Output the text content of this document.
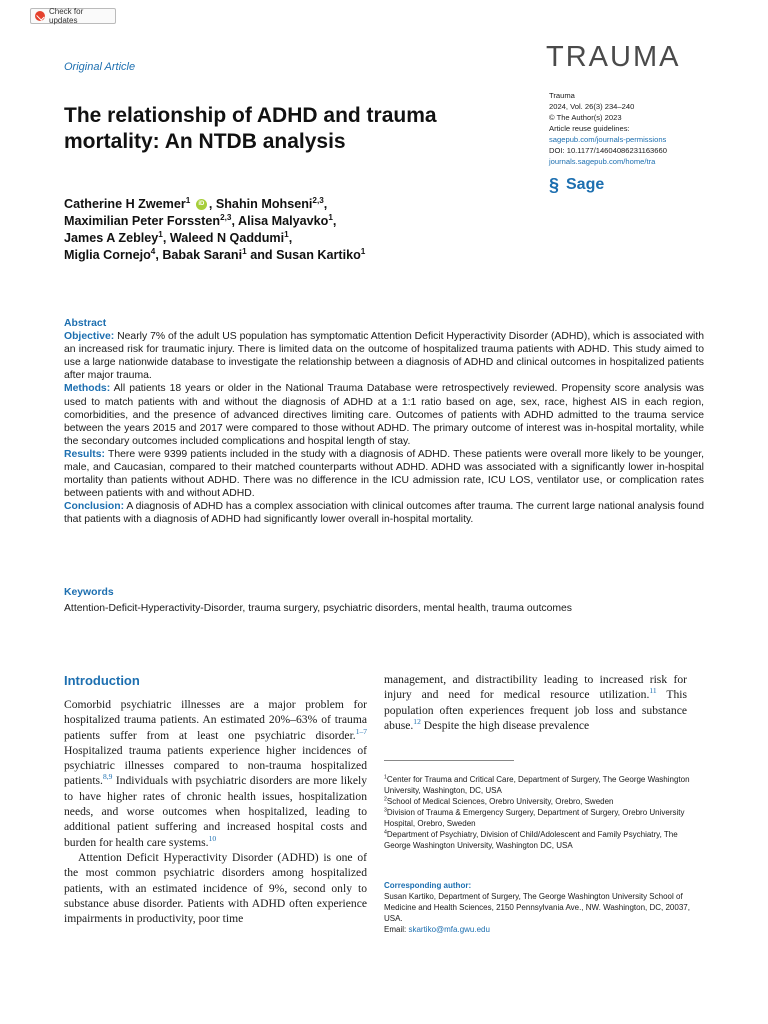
Check for updates
Original Article	TRAUMA
Trauma
2024, Vol. 26(3) 234–240
© The Author(s) 2023
Article reuse guidelines:
sagepub.com/journals-permissions
DOI: 10.1177/14604086231163660
journals.sagepub.com/home/tra
§ Sage
The relationship of ADHD and trauma mortality: An NTDB analysis
Catherine H Zwemer$^1$ iD , Shahin Mohseni$^{2,3}$,
Maximilian Peter Forssten$^{2,3}$, Alisa Malyavko$^1$,
James A Zebley$^1$, Waleed N Qaddumi$^1$,
Miglia Cornejo$^4$, Babak Sarani$^1$ and Susan Kartiko$^1$
Abstract

Objective: Nearly 7% of the adult US population has symptomatic Attention Deficit Hyperactivity Disorder (ADHD), which is associated with an increased risk for traumatic injury. There is limited data on the outcome of hospitalized trauma patients with ADHD. This study aimed to use a large nationwide database to investigate the relationship between a diagnosis of ADHD and clinical outcomes in hospitalized patients after major trauma.

Methods: All patients 18 years or older in the National Trauma Database were retrospectively reviewed. Propensity score analysis was used to match patients with and without the diagnosis of ADHD at a 1:1 ratio based on age, sex, race, highest AIS in each region, comorbidities, and the presence of advanced directives limiting care. Outcomes of patients with ADHD admitted to the trauma service between the years 2015 and 2017 were compared to those without ADHD. The primary outcome of interest was in-hospital mortality, while the secondary outcomes included complications and hospital length of stay.

Results: There were 9399 patients included in the study with a diagnosis of ADHD. These patients were overall more likely to be younger, male, and Caucasian, compared to their matched counterparts without ADHD. ADHD was associated with a significantly lower in-hospital mortality than patients without ADHD. There was no difference in the ICU admission rate, ICU LOS, ventilator use, or complication rates between patients with and without ADHD.

Conclusion: A diagnosis of ADHD has a complex association with clinical outcomes after trauma. The current large national analysis found that patients with a diagnosis of ADHD had significantly lower overall in-hospital mortality.

Keywords
Attention-Deficit-Hyperactivity-Disorder, trauma surgery, psychiatric disorders, mental health, trauma outcomes
Introduction

Comorbid psychiatric illnesses are a major problem for hospitalized trauma patients. An estimated 20%–63% of trauma patients suffer from at least one psychiatric disorder.$^{1-7}$ Hospitalized trauma patients experience higher incidences of psychiatric illnesses compared to non-trauma hospitalized patients.$^{8,9}$ Individuals with psychiatric disorders are more likely to have higher rates of chronic health issues, hospitalization needs, and worse outcomes when hospitalized, leading to additional patient suffering and increased hospital costs and burden for health care systems.$^{10}$

Attention Deficit Hyperactivity Disorder (ADHD) is one of the most common psychiatric disorders among hospitalized patients, with an estimated incidence of 9%, second only to substance abuse disorder. Patients with ADHD often experience impairments in productivity, poor time

management, and distractibility leading to increased risk for injury and need for medical resource utilization.$^{11}$ This population often experiences frequent job loss and substance abuse.$^{12}$ Despite the high disease prevalence

$^1$Center for Trauma and Critical Care, Department of Surgery, The George Washington University, Washington, DC, USA
$^2$School of Medical Sciences, Orebro University, Orebro, Sweden
$^3$Division of Trauma & Emergency Surgery, Department of Surgery, Orebro University Hospital, Orebro, Sweden
$^4$Department of Psychiatry, Division of Child/Adolescent and Family Psychiatry, The George Washington University, Washington DC, USA
Corresponding author:
Susan Kartiko, Department of Surgery, The George Washington University School of Medicine and Health Sciences, 2150 Pennsylvania Ave., NW. Washington, DC, 20037, USA.
Email: skartiko@mfa.gwu.edu
